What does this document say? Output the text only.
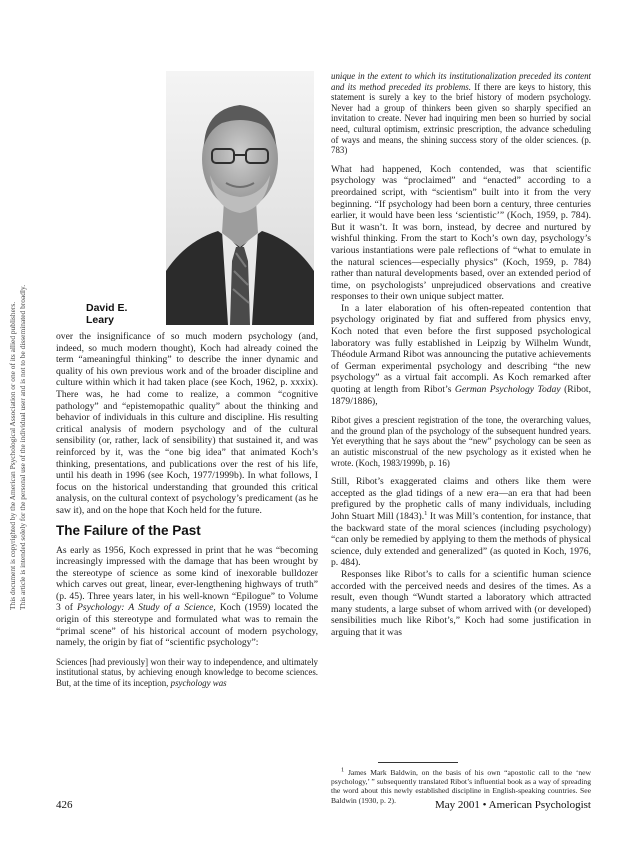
This document is copyrighted by the American Psychological Association or one of its allied publishers. This article is intended solely for the personal use of the individual user and is not to be disseminated broadly.	David E. Leary

over the insignificance of so much modern psychology (and, indeed, so much modern thought), Koch had already coined the term “ameaningful thinking” to describe the inner dynamic and quality of his own previous work and of the broader discipline and culture within which it had taken place (see Koch, 1962, p. xxxix). There was, he had come to realize, a common “cognitive pathology” and “epistemopathic quality” about the thinking and behavior of individuals in this culture and discipline. His resulting critical analysis of modern psychology and of the cultural sensibility (or, rather, lack of sensibility) that sustained it, and was reinforced by it, was the “one big idea” that animated Koch’s thinking, presentations, and publications over the rest of his life, until his death in 1996 (see Koch, 1977/1999b). In what follows, I focus on the historical understanding that grounded this critical analysis, on the cultural context of psychology’s predicament (as he saw it), and on the hope that Koch held for the future.

The Failure of the Past

As early as 1956, Koch expressed in print that he was “becoming increasingly impressed with the damage that has been wrought by the stereotype of science as some kind of inexorable bulldozer which carves out great, linear, ever-lengthening highways of truth” (p. 45). Three years later, in his well-known “Epilogue” to Volume 3 of Psychology: A Study of a Science, Koch (1959) located the origin of this stereotype and formulated what was to remain the “primal scene” of his historical account of modern psychology, namely, the origin by fiat of “scientific psychology”:

Sciences [had previously] won their way to independence, and ultimately institutional status, by achieving enough knowledge to become sciences. But, at the time of its inception, psychology was
unique in the extent to which its institutionalization preceded its content and its method preceded its problems. If there are keys to history, this statement is surely a key to the brief history of modern psychology. Never had a group of thinkers been given so sharply specified an invitation to create. Never had inquiring men been so hurried by social need, cultural optimism, extrinsic prescription, the advance scheduling of ways and means, the shining success story of the older sciences. (p. 783)

What had happened, Koch contended, was that scientific psychology was “proclaimed” and “enacted” according to a preordained script, with “scientism” built into it from the very beginning. “If psychology had been born a century, three centuries earlier, it would have been less ‘scientistic’” (Koch, 1959, p. 784). But it wasn’t. It was born, instead, by decree and nurtured by wishful thinking. From the start to Koch’s own day, psychology’s various instantiations were pale reflections of “what to emulate in the natural sciences—especially physics” (Koch, 1959, p. 784) rather than natural developments based, over an extended period of time, on psychologists’ unprejudiced observations and creative responses to their own unique subject matter.

In a later elaboration of his often-repeated contention that psychology originated by fiat and suffered from physics envy, Koch noted that even before the first supposed psychological laboratory was fully established in Leipzig by Wilhelm Wundt, Théodule Armand Ribot was announcing the putative achievements of German experimental psychology and describing “the new psychology” as a virtual fait accompli. As Koch remarked after quoting at length from Ribot’s German Psychology Today (Ribot, 1879/1886),

Ribot gives a prescient registration of the tone, the overarching values, and the ground plan of the psychology of the subsequent hundred years. Yet everything that he says about the “new” psychology can be seen as an autistic misconstrual of the new psychology as it existed when he wrote. (Koch, 1983/1999b, p. 16)

Still, Ribot’s exaggerated claims and others like them were accepted as the glad tidings of a new era—an era that had been prefigured by the prophetic calls of many individuals, including John Stuart Mill (1843).$^1$ It was Mill’s contention, for instance, that the backward state of the moral sciences (including psychology) “can only be remedied by applying to them the methods of physical science, duly extended and generalized” (as quoted in Koch, 1976, p. 484).

Responses like Ribot’s to calls for a scientific human science accorded with the perceived needs and desires of the times. As a result, even though “Wundt started a laboratory which attracted many students, a large subset of whom arrived with (or developed) sensibilities much like Ribot’s,” Koch had some justification in arguing that it was

$^1$ James Mark Baldwin, on the basis of his own “apostolic call to the ‘new psychology,’ ” subsequently translated Ribot’s influential book as a way of spreading the word about this newly established discipline in English-speaking countries. See Baldwin (1930, p. 2).

426	May 2001 • American Psychologist
